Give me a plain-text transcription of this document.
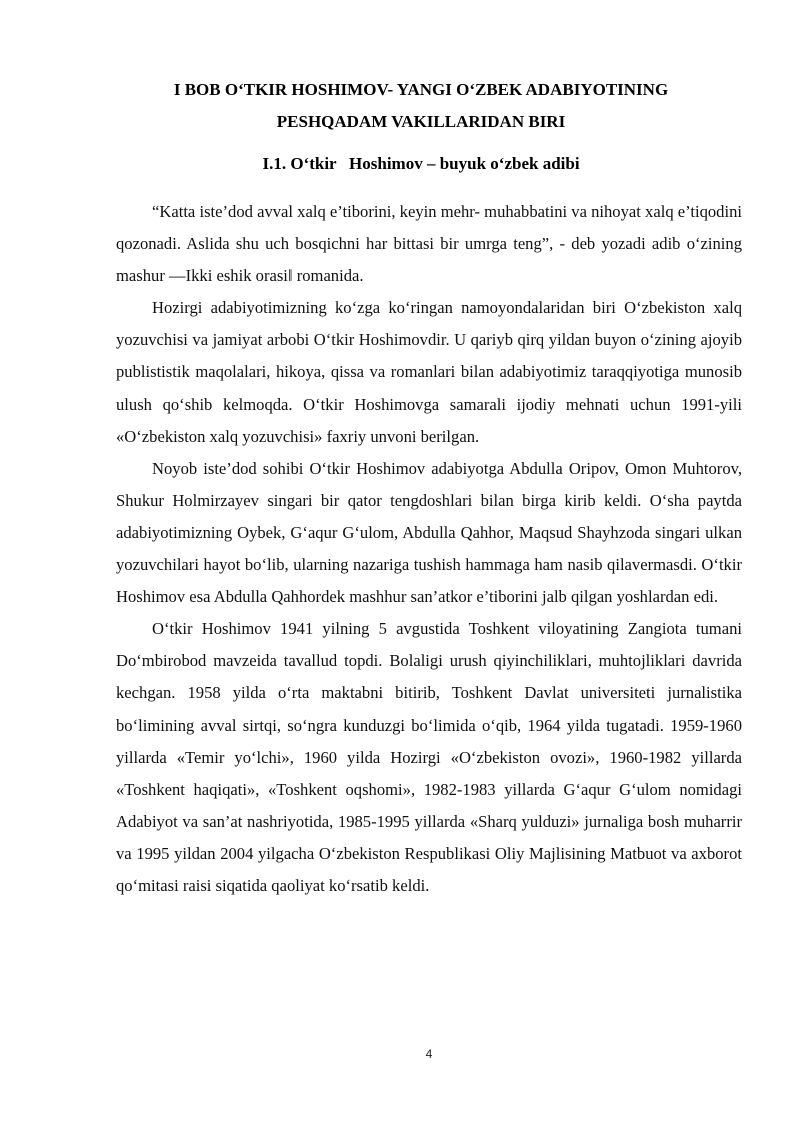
I BOB O‘TKIR HOSHIMOV- YANGI O‘ZBEK ADABIYOTINING
PESHQADAM VAKILLARIDAN BIRI
I.1. O‘tkir   Hoshimov – buyuk o‘zbek adibi

“Katta iste’dod avval xalq e’tiborini, keyin mehr- muhabbatini va nihoyat xalq e’tiqodini qozonadi. Aslida shu uch bosqichni har bittasi bir umrga teng”, - deb yozadi adib o‘zining mashur ―Ikki eshik orasi‖ romanida.

Hozirgi adabiyotimizning ko‘zga ko‘ringan namoyondalaridan biri O‘zbekiston xalq yozuvchisi va jamiyat arbobi O‘tkir Hoshimovdir. U qariyb qirq yildan buyon o‘zining ajoyib publististik maqolalari, hikoya, qissa va romanlari bilan adabiyotimiz taraqqiyotiga munosib ulush qo‘shib kelmoqda. O‘tkir Hoshimovga samarali ijodiy mehnati uchun 1991-yili «O‘zbekiston xalq yozuvchisi» faxriy unvoni berilgan.

Noyob iste’dod sohibi O‘tkir Hoshimov adabiyotga Abdulla Oripov, Omon Muhtorov, Shukur Holmirzayev singari bir qator tengdoshlari bilan birga kirib keldi. O‘sha paytda adabiyotimizning Oybek, G‘aqur G‘ulom, Abdulla Qahhor, Maqsud Shayhzoda singari ulkan yozuvchilari hayot bo‘lib, ularning nazariga tushish hammaga ham nasib qilavermasdi. O‘tkir Hoshimov esa Abdulla Qahhordek mashhur san’atkor e’tiborini jalb qilgan yoshlardan edi.

O‘tkir Hoshimov 1941 yilning 5 avgustida Toshkent viloyatining Zangiota tumani Do‘mbirobod mavzeida tavallud topdi. Bolaligi urush qiyinchiliklari, muhtojliklari davrida kechgan. 1958 yilda o‘rta maktabni bitirib, Toshkent Davlat universiteti jurnalistika bo‘limining avval sirtqi, so‘ngra kunduzgi bo‘limida o‘qib, 1964 yilda tugatadi. 1959-1960 yillarda «Temir yo‘lchi», 1960 yilda Hozirgi «O‘zbekiston ovozi», 1960-1982 yillarda «Toshkent haqiqati», «Toshkent oqshomi», 1982-1983 yillarda G‘aqur G‘ulom nomidagi Adabiyot va san’at nashriyotida, 1985-1995 yillarda «Sharq yulduzi» jurnaliga bosh muharrir va 1995 yildan 2004 yilgacha O‘zbekiston Respublikasi Oliy Majlisining Matbuot va axborot qo‘mitasi raisi siqatida qaoliyat ko‘rsatib keldi.

4
